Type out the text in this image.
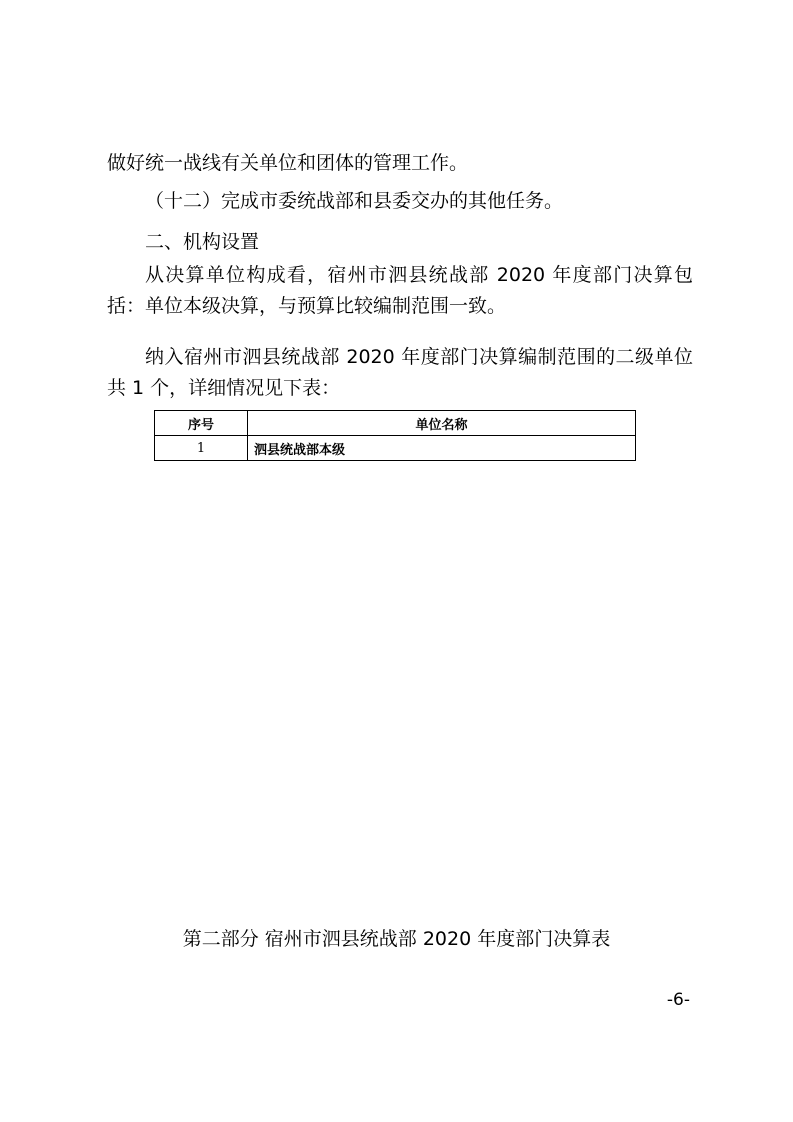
做好统一战线有关单位和团体的管理工作。

（十二）完成市委统战部和县委交办的其他任务。

二、机构设置

从决算单位构成看，宿州市泗县统战部 2020 年度部门决算包括：单位本级决算，与预算比较编制范围一致。

纳入宿州市泗县统战部 2020 年度部门决算编制范围的二级单位共 1 个，详细情况见下表：

序号	单位名称
1	泗县统战部本级

第二部分 宿州市泗县统战部 2020 年度部门决算表

-6-
